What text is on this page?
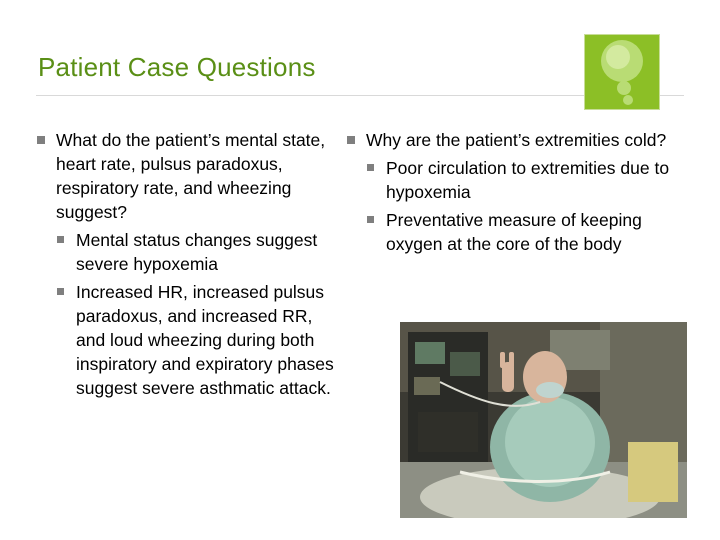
Patient Case Questions
What do the patient’s mental state, heart rate, pulsus paradoxus, respiratory rate, and wheezing suggest?
Mental status changes suggest severe hypoxemia
Increased HR, increased pulsus paradoxus, and increased RR, and loud wheezing during both inspiratory and expiratory phases suggest severe asthmatic attack.
Why are the patient’s extremities cold?
Poor circulation to extremities due to hypoxemia
Preventative measure of keeping oxygen at the core of the body
